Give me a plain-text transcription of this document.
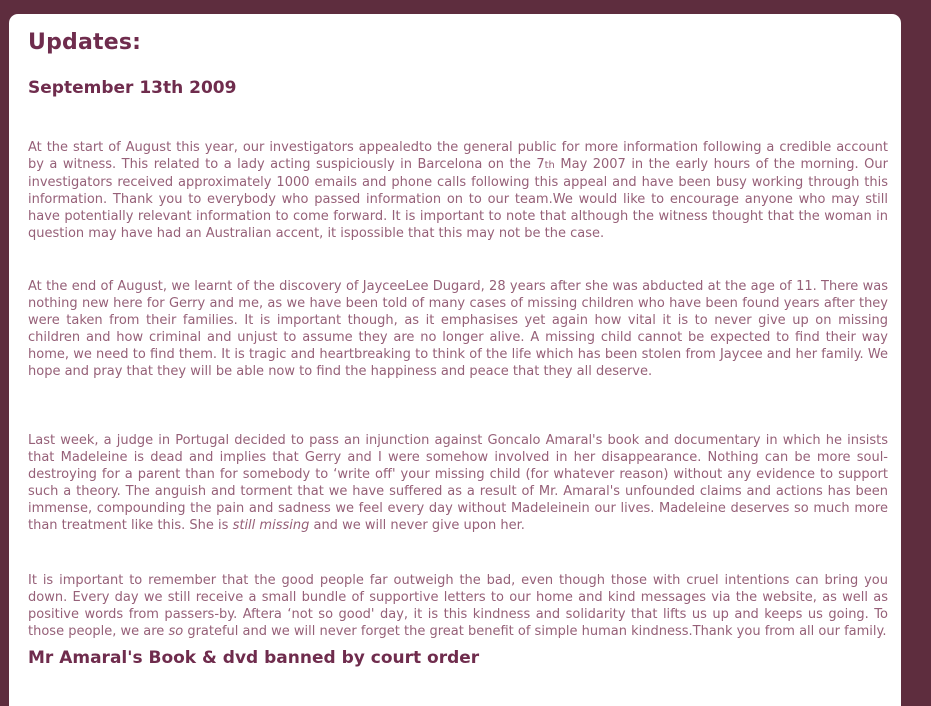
Updates:
September 13th 2009

At the start of August this year, our investigators appealedto the general public for more information following a credible account by a witness. This related to a lady acting suspiciously in Barcelona on the 7th May 2007 in the early hours of the morning. Our investigators received approximately 1000 emails and phone calls following this appeal and have been busy working through this information. Thank you to everybody who passed information on to our team.We would like to encourage anyone who may still have potentially relevant information to come forward. It is important to note that although the witness thought that the woman in question may have had an Australian accent, it ispossible that this may not be the case.

At the end of August, we learnt of the discovery of JayceeLee Dugard, 28 years after she was abducted at the age of 11. There was nothing new here for Gerry and me, as we have been told of many cases of missing children who have been found years after they were taken from their families. It is important though, as it emphasises yet again how vital it is to never give up on missing children and how criminal and unjust to assume they are no longer alive. A missing child cannot be expected to find their way home, we need to find them. It is tragic and heartbreaking to think of the life which has been stolen from Jaycee and her family. We hope and pray that they will be able now to find the happiness and peace that they all deserve.

Last week, a judge in Portugal decided to pass an injunction against Goncalo Amaral's book and documentary in which he insists that Madeleine is dead and implies that Gerry and I were somehow involved in her disappearance. Nothing can be more soul-destroying for a parent than for somebody to ‘write off' your missing child (for whatever reason) without any evidence to support such a theory. The anguish and torment that we have suffered as a result of Mr. Amaral's unfounded claims and actions has been immense, compounding the pain and sadness we feel every day without Madeleinein our lives. Madeleine deserves so much more than treatment like this. She is still missing and we will never give upon her.

It is important to remember that the good people far outweigh the bad, even though those with cruel intentions can bring you down. Every day we still receive a small bundle of supportive letters to our home and kind messages via the website, as well as positive words from passers-by. Aftera ‘not so good' day, it is this kindness and solidarity that lifts us up and keeps us going. To those people, we are so grateful and we will never forget the great benefit of simple human kindness.Thank you from all our family.

Mr Amaral's Book & dvd banned by court order
